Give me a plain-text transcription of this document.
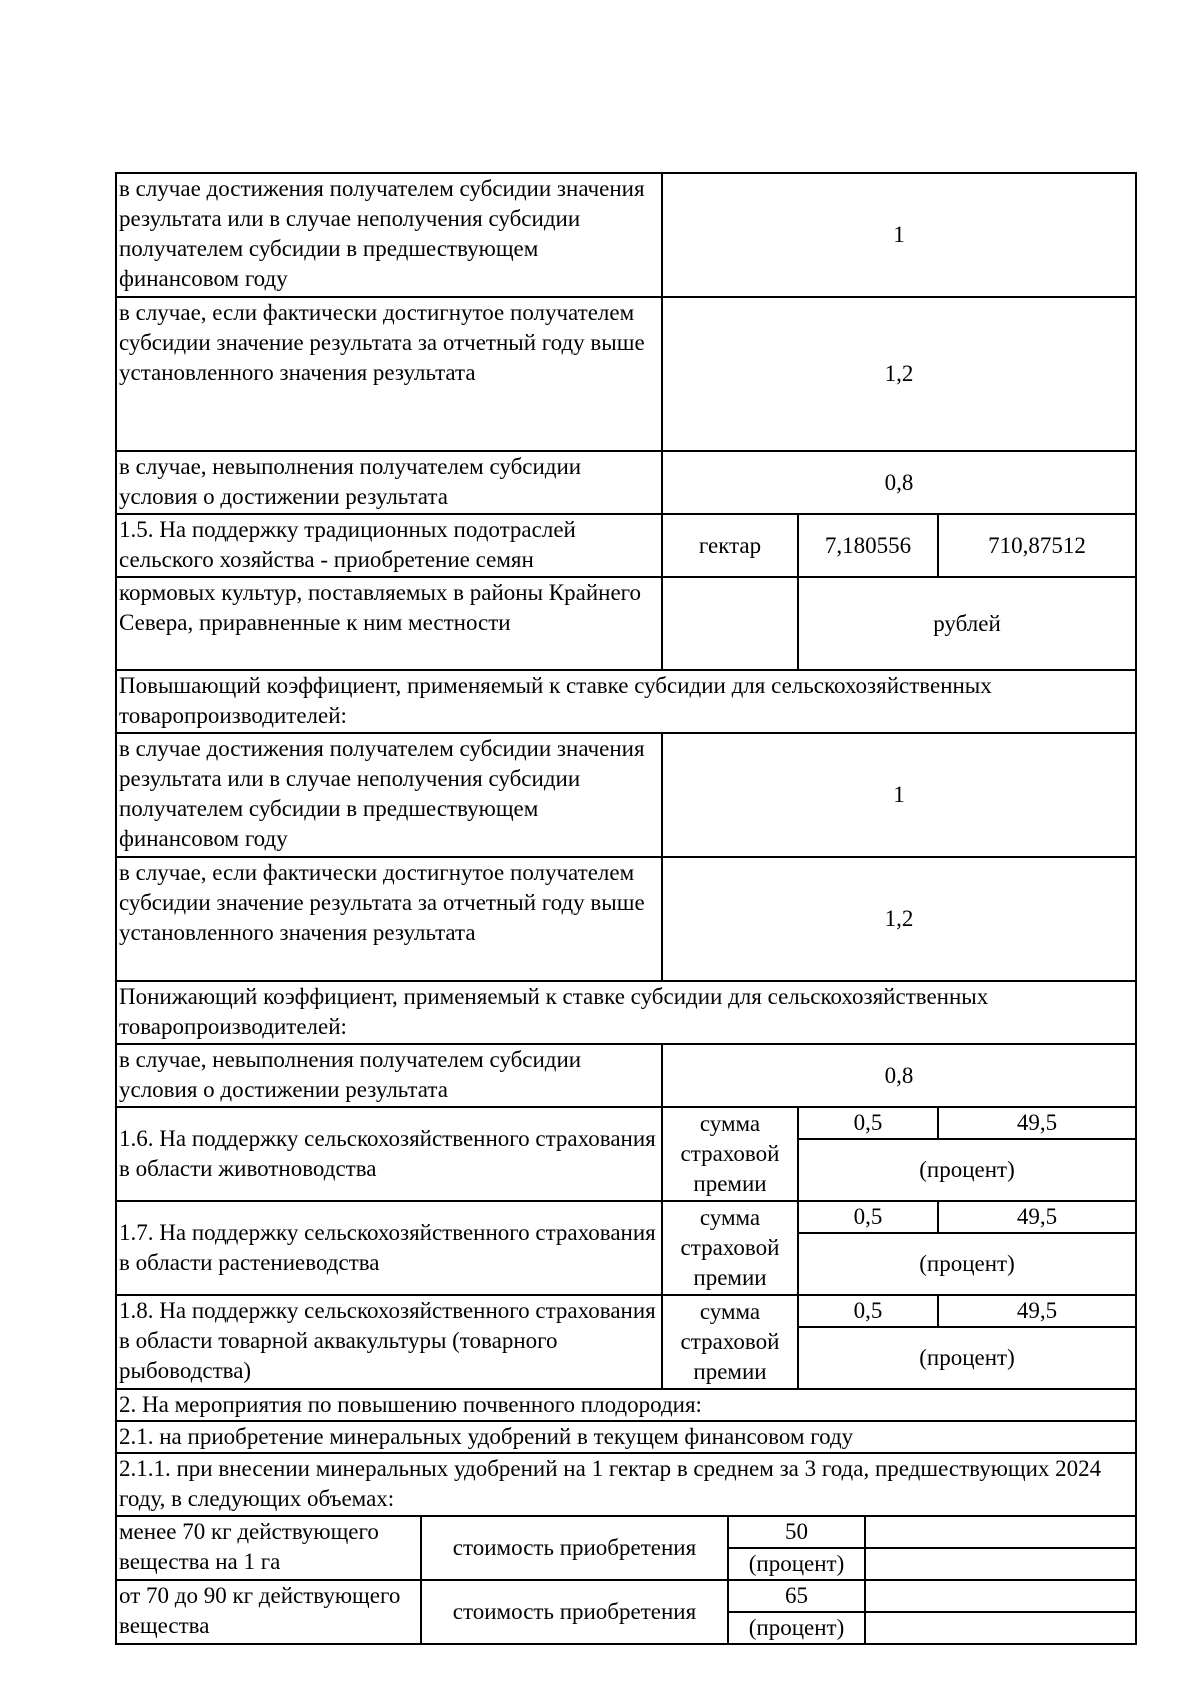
в случае достижения получателем субсидии значения результата или в случае неполучения субсидии получателем субсидии в предшествующем финансовом году	1		
в случае, если фактически достигнутое получателем субсидии значение результата за отчетный году выше установленного значения результата	1,2		
в случае, невыполнения получателем субсидии условия о достижении результата	0,8		
1.5. На поддержку традиционных подотраслей сельского хозяйства - приобретение семян	гектар	7,180556	710,87512
кормовых культур, поставляемых в районы Крайнего Севера, приравненные к ним местности		рублей	
Повышающий коэффициент, применяемый к ставке субсидии для сельскохозяйственных товаропроизводителей:			
в случае достижения получателем субсидии значения результата или в случае неполучения субсидии получателем субсидии в предшествующем финансовом году	1		
в случае, если фактически достигнутое получателем субсидии значение результата за отчетный году выше установленного значения результата	1,2		
Понижающий коэффициент, применяемый к ставке субсидии для сельскохозяйственных товаропроизводителей:			
в случае, невыполнения получателем субсидии условия о достижении результата	0,8		
1.6. На поддержку сельскохозяйственного страхования в области животноводства	сумма страховой премии	0,5	49,5
		(процент)	
1.7. На поддержку сельскохозяйственного страхования в области растениеводства	сумма страховой премии	0,5	49,5
		(процент)	
1.8. На поддержку сельскохозяйственного страхования в области товарной аквакультуры (товарного рыбоводства)	сумма страховой премии	0,5	49,5
		(процент)	
2. На мероприятия по повышению почвенного плодородия:			
2.1. на приобретение минеральных удобрений в текущем финансовом году			
2.1.1. при внесении минеральных удобрений на 1 гектар в среднем за 3 года, предшествующих 2024 году, в следующих объемах:			
менее 70 кг действующего вещества на 1 га	стоимость приобретения	50	
		(процент)	
от 70 до 90 кг действующего вещества	стоимость приобретения	65	
		(процент)	
